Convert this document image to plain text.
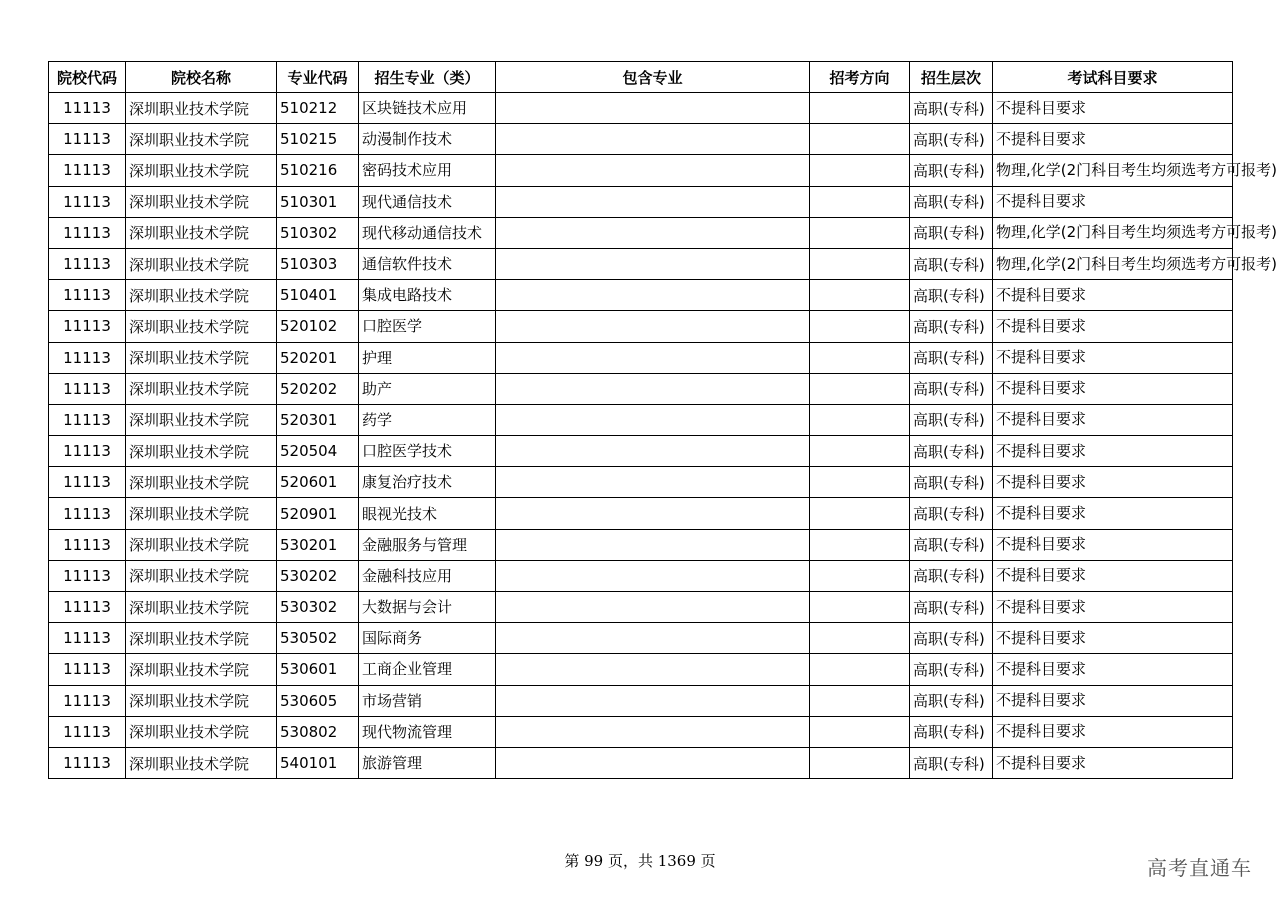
院校代码	院校名称	专业代码	招生专业（类）	包含专业	招考方向	招生层次	考试科目要求
11113	深圳职业技术学院	510212	区块链技术应用			高职(专科)	不提科目要求
11113	深圳职业技术学院	510215	动漫制作技术			高职(专科)	不提科目要求
11113	深圳职业技术学院	510216	密码技术应用			高职(专科)	物理,化学(2门科目考生均须选考方可报考)
11113	深圳职业技术学院	510301	现代通信技术			高职(专科)	不提科目要求
11113	深圳职业技术学院	510302	现代移动通信技术			高职(专科)	物理,化学(2门科目考生均须选考方可报考)
11113	深圳职业技术学院	510303	通信软件技术			高职(专科)	物理,化学(2门科目考生均须选考方可报考)
11113	深圳职业技术学院	510401	集成电路技术			高职(专科)	不提科目要求
11113	深圳职业技术学院	520102	口腔医学			高职(专科)	不提科目要求
11113	深圳职业技术学院	520201	护理			高职(专科)	不提科目要求
11113	深圳职业技术学院	520202	助产			高职(专科)	不提科目要求
11113	深圳职业技术学院	520301	药学			高职(专科)	不提科目要求
11113	深圳职业技术学院	520504	口腔医学技术			高职(专科)	不提科目要求
11113	深圳职业技术学院	520601	康复治疗技术			高职(专科)	不提科目要求
11113	深圳职业技术学院	520901	眼视光技术			高职(专科)	不提科目要求
11113	深圳职业技术学院	530201	金融服务与管理			高职(专科)	不提科目要求
11113	深圳职业技术学院	530202	金融科技应用			高职(专科)	不提科目要求
11113	深圳职业技术学院	530302	大数据与会计			高职(专科)	不提科目要求
11113	深圳职业技术学院	530502	国际商务			高职(专科)	不提科目要求
11113	深圳职业技术学院	530601	工商企业管理			高职(专科)	不提科目要求
11113	深圳职业技术学院	530605	市场营销			高职(专科)	不提科目要求
11113	深圳职业技术学院	530802	现代物流管理			高职(专科)	不提科目要求
11113	深圳职业技术学院	540101	旅游管理			高职(专科)	不提科目要求
第 99 页，共 1369 页	高考直通车
